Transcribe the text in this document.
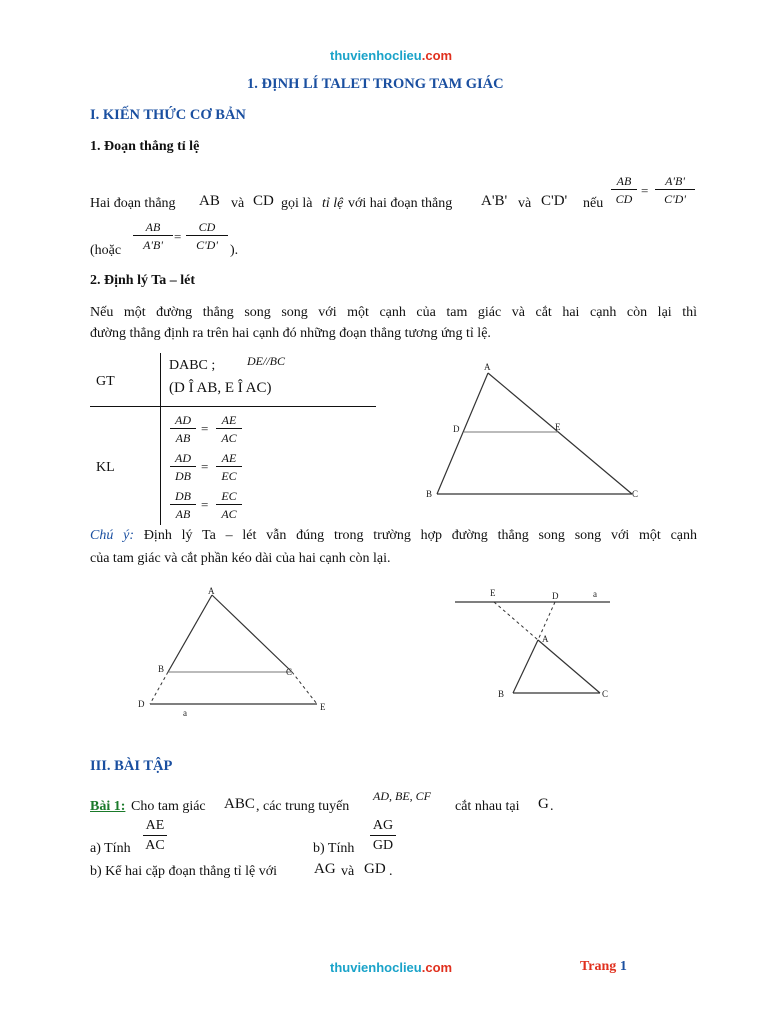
thuvienhoclieu.com
1. ĐỊNH LÍ TALET TRONG TAM GIÁC
I. KIẾN THỨC CƠ BẢN
1. Đoạn thẳng tỉ lệ
Hai đoạn thẳng AB và CD gọi là tỉ lệ với hai đoạn thẳng A'B' và C'D' nếu
AB
CD
=
A'B'
C'D'
(hoặc
AB
A'B'
=
CD
C'D' ).
2. Định lý Ta – lét
Nếu một đường thẳng song song với một cạnh của tam giác và cắt hai cạnh còn lại thì
đường thẳng định ra trên hai cạnh đó những đoạn thẳng tương ứng tỉ lệ.
GT
DABC ;	DE//BC
(D Î AB, E Î AC)
KL
AD
AB
=
AE
AC
AD
DB
=
AE
EC
DB
AB
=
EC
AC
A
D	E
B	C
Chú ý: Định lý Ta – lét vẫn đúng trong trường hợp đường thẳng song song với một cạnh
của tam giác và cắt phần kéo dài của hai cạnh còn lại.
A
B	C
D
a
E
E	D	a
A
B	C
III. BÀI TẬP
Bài 1: Cho tam giác ABC , các trung tuyến
AD, BE, CF
cắt nhau tại G .
a) Tính
AE
AC	b) Tính
AG
GD
b) Kể hai cặp đoạn thẳng tỉ lệ với AG và GD .
thuvienhoclieu.com	Trang 1
